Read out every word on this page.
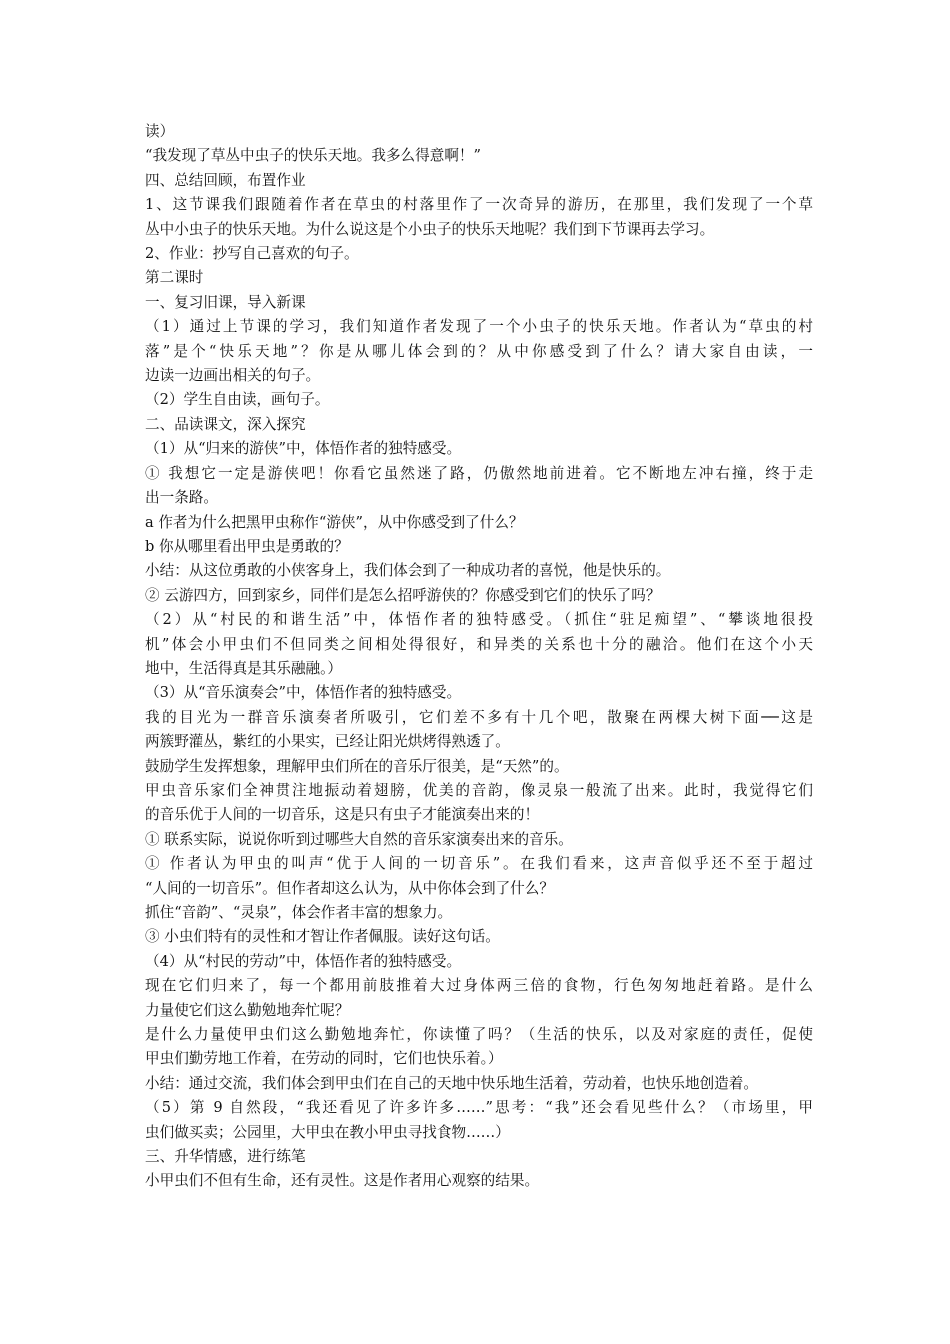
读）
“我发现了草丛中虫子的快乐天地。我多么得意啊！”
四、总结回顾，布置作业
1、这节课我们跟随着作者在草虫的村落里作了一次奇异的游历，在那里，我们发现了一个草
丛中小虫子的快乐天地。为什么说这是个小虫子的快乐天地呢？我们到下节课再去学习。
2、作业：抄写自己喜欢的句子。
第二课时
一、复习旧课，导入新课
（1）通过上节课的学习，我们知道作者发现了一个小虫子的快乐天地。作者认为“草虫的村
落”是个“快乐天地”？你是从哪儿体会到的？从中你感受到了什么？请大家自由读，一
边读一边画出相关的句子。
（2）学生自由读，画句子。
二、品读课文，深入探究
（1）从“归来的游侠”中，体悟作者的独特感受。
① 我想它一定是游侠吧！你看它虽然迷了路，仍傲然地前进着。它不断地左冲右撞，终于走
出一条路。
a 作者为什么把黑甲虫称作“游侠”，从中你感受到了什么？
b 你从哪里看出甲虫是勇敢的？
小结：从这位勇敢的小侠客身上，我们体会到了一种成功者的喜悦，他是快乐的。
② 云游四方，回到家乡，同伴们是怎么招呼游侠的？你感受到它们的快乐了吗？
（2）从“村民的和谐生活”中，体悟作者的独特感受。（抓住“驻足痴望”、“攀谈地很投
机”体会小甲虫们不但同类之间相处得很好，和异类的关系也十分的融洽。他们在这个小天
地中，生活得真是其乐融融。）
（3）从“音乐演奏会”中，体悟作者的独特感受。
我的目光为一群音乐演奏者所吸引，它们差不多有十几个吧，散聚在两棵大树下面──这是
两簇野灌丛，紫红的小果实，已经让阳光烘烤得熟透了。
鼓励学生发挥想象，理解甲虫们所在的音乐厅很美，是“天然”的。
甲虫音乐家们全神贯注地振动着翅膀，优美的音韵，像灵泉一般流了出来。此时，我觉得它们
的音乐优于人间的一切音乐，这是只有虫子才能演奏出来的！
① 联系实际，说说你听到过哪些大自然的音乐家演奏出来的音乐。
① 作者认为甲虫的叫声“优于人间的一切音乐”。在我们看来，这声音似乎还不至于超过
“人间的一切音乐”。但作者却这么认为，从中你体会到了什么？
抓住“音韵”、“灵泉”，体会作者丰富的想象力。
③ 小虫们特有的灵性和才智让作者佩服。读好这句话。
（4）从“村民的劳动”中，体悟作者的独特感受。
现在它们归来了，每一个都用前肢推着大过身体两三倍的食物，行色匆匆地赶着路。是什么
力量使它们这么勤勉地奔忙呢？
是什么力量使甲虫们这么勤勉地奔忙，你读懂了吗？（生活的快乐，以及对家庭的责任，促使
甲虫们勤劳地工作着，在劳动的同时，它们也快乐着。）
小结：通过交流，我们体会到甲虫们在自己的天地中快乐地生活着，劳动着，也快乐地创造着。
（5）第 9 自然段，“我还看见了许多许多……”思考：“我”还会看见些什么？（市场里，甲
虫们做买卖；公园里，大甲虫在教小甲虫寻找食物……）
三、升华情感，进行练笔
小甲虫们不但有生命，还有灵性。这是作者用心观察的结果。
